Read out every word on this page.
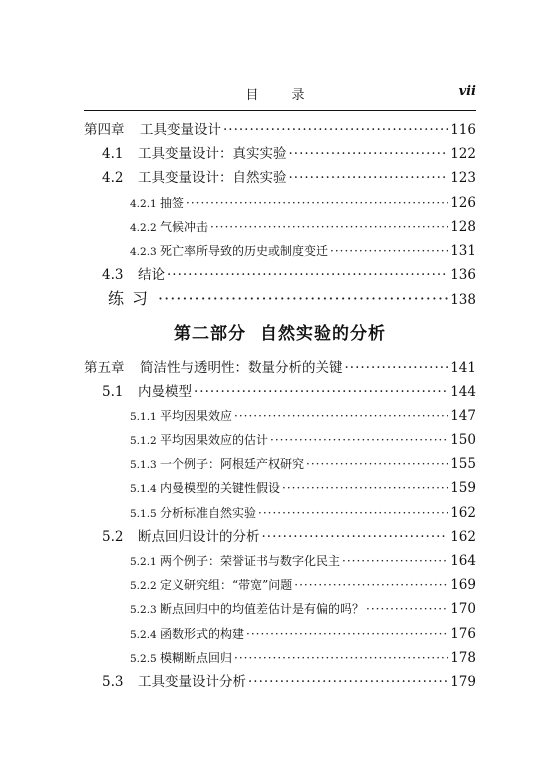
目　录	vii
第四章	工具变量设计 ·····	116
4.1	工具变量设计：真实实验 ·····	122
4.2	工具变量设计：自然实验 ·····	123
4.2.1 抽签 ·····	126
4.2.2 气候冲击 ·····	128
4.2.3 死亡率所导致的历史或制度变迁 ·····	131
4.3	结论 ·····	136
练习 ·····	138
第二部分 自然实验的分析
第五章	简洁性与透明性：数量分析的关键 ·····	141
5.1	内曼模型 ·····	144
5.1.1 平均因果效应 ·····	147
5.1.2 平均因果效应的估计 ·····	150
5.1.3 一个例子：阿根廷产权研究 ·····	155
5.1.4 内曼模型的关键性假设 ·····	159
5.1.5 分析标准自然实验 ·····	162
5.2	断点回归设计的分析 ·····	162
5.2.1 两个例子：荣誉证书与数字化民主 ·····	164
5.2.2 定义研究组：“带宽”问题 ·····	169
5.2.3 断点回归中的均值差估计是有偏的吗？ ·····	170
5.2.4 函数形式的构建 ·····	176
5.2.5 模糊断点回归 ·····	178
5.3	工具变量设计分析 ·····	179
